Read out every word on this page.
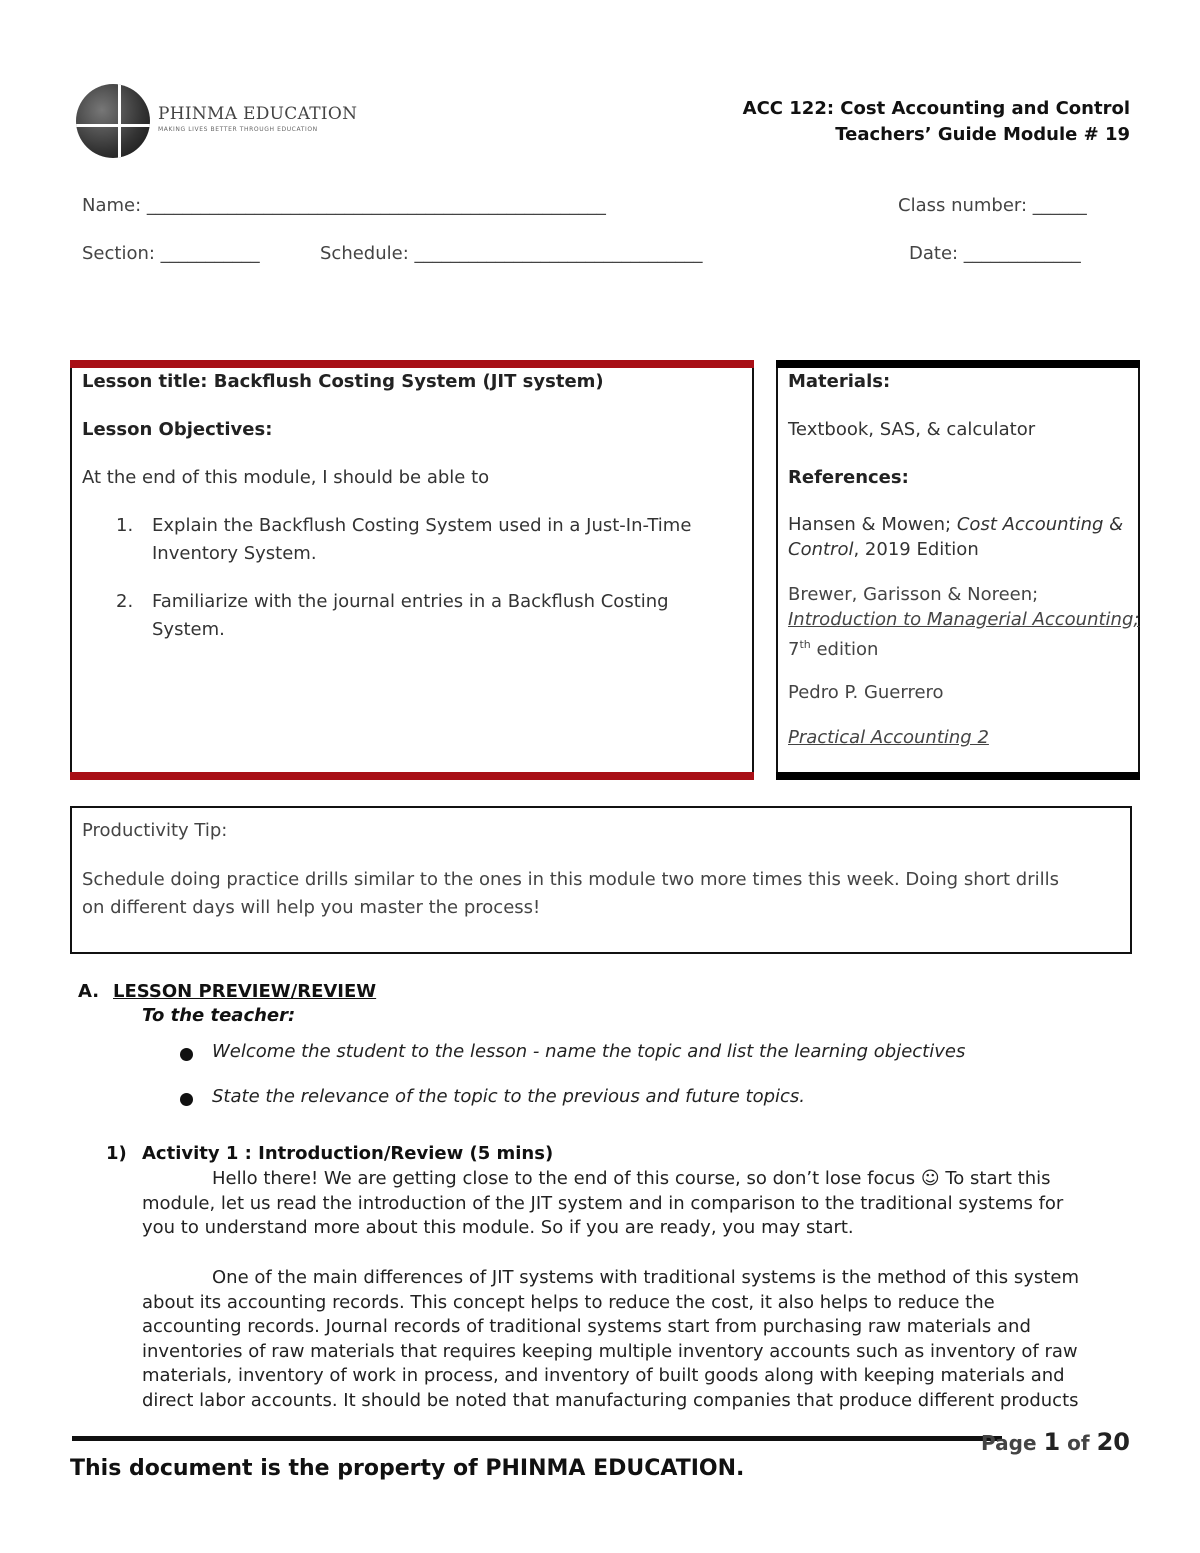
PHINMA EDUCATION
MAKING LIVES BETTER THROUGH EDUCATION
ACC 122: Cost Accounting and Control
Teachers’ Guide Module # 19
Name: ___________________________________________________	Class number: ______
Section: ___________	Schedule: ________________________________	Date: _____________
Lesson title: Backflush Costing System (JIT system)
Lesson Objectives:
At the end of this module, I should be able to
1. Explain the Backflush Costing System used in a Just-In-Time
Inventory System.
2. Familiarize with the journal entries in a Backflush Costing
System.
Materials:
Textbook, SAS, & calculator
References:
Hansen & Mowen; Cost Accounting &
Control, 2019 Edition
Brewer, Garisson & Noreen;
Introduction to Managerial Accounting;
7th edition
Pedro P. Guerrero
Practical Accounting 2
Productivity Tip:
Schedule doing practice drills similar to the ones in this module two more times this week. Doing short drills
on different days will help you master the process!
A. LESSON PREVIEW/REVIEW
To the teacher:
Welcome the student to the lesson - name the topic and list the learning objectives
State the relevance of the topic to the previous and future topics.
1) Activity 1 : Introduction/Review (5 mins)
Hello there! We are getting close to the end of this course, so don’t lose focus ☺ To start this
module, let us read the introduction of the JIT system and in comparison to the traditional systems for
you to understand more about this module. So if you are ready, you may start.
One of the main differences of JIT systems with traditional systems is the method of this system
about its accounting records. This concept helps to reduce the cost, it also helps to reduce the
accounting records. Journal records of traditional systems start from purchasing raw materials and
inventories of raw materials that requires keeping multiple inventory accounts such as inventory of raw
materials, inventory of work in process, and inventory of built goods along with keeping materials and
direct labor accounts. It should be noted that manufacturing companies that produce different products
Page 1 of 20
This document is the property of PHINMA EDUCATION.
